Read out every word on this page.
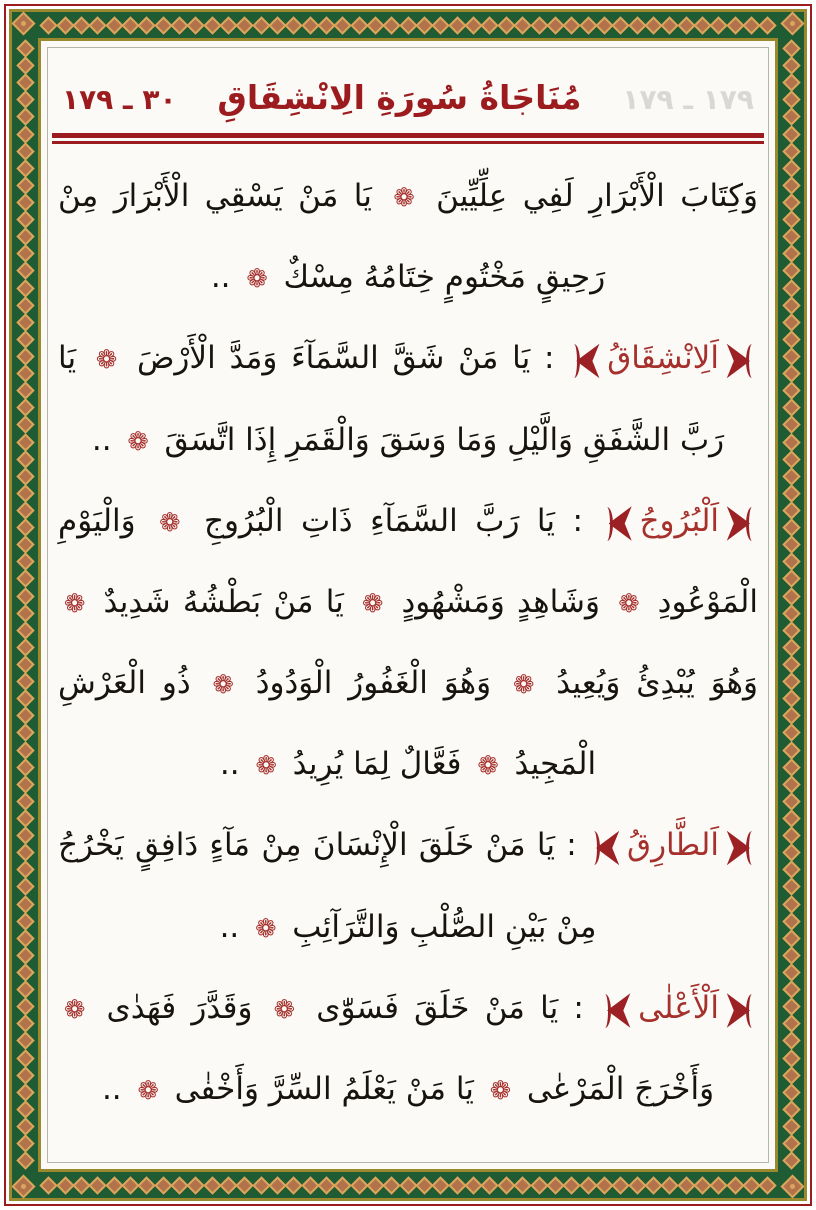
١٧٩ ـ ١٧٩
مُنَاجَاةُ سُورَةِ الِانْشِقَاقِ
٣٠ ـ ١٧٩

وَكِتَابَ الْأَبْرَارِ لَفِي عِلِّيِّينَ ❁ يَا مَنْ يَسْقِي الْأَبْرَارَ مِنْ رَحِيقٍ مَخْتُومٍ خِتَامُهُ مِسْكٌ ❁ ..

اَلِانْشِقَاقُ : يَا مَنْ شَقَّ السَّمَآءَ وَمَدَّ الْأَرْضَ ❁ يَا رَبَّ الشَّفَقِ وَالَّيْلِ وَمَا وَسَقَ وَالْقَمَرِ إِذَا اتَّسَقَ ❁ ..

اَلْبُرُوجُ : يَا رَبَّ السَّمَآءِ ذَاتِ الْبُرُوجِ ❁ وَالْيَوْمِ الْمَوْعُودِ ❁ وَشَاهِدٍ وَمَشْهُودٍ ❁ يَا مَنْ بَطْشُهُ شَدِيدٌ ❁ وَهُوَ يُبْدِئُ وَيُعِيدُ ❁ وَهُوَ الْغَفُورُ الْوَدُودُ ❁ ذُو الْعَرْشِ الْمَجِيدُ ❁ فَعَّالٌ لِمَا يُرِيدُ ❁ ..

اَلطَّارِقُ : يَا مَنْ خَلَقَ الْإِنْسَانَ مِنْ مَآءٍ دَافِقٍ يَخْرُجُ مِنْ بَيْنِ الصُّلْبِ وَالتَّرَآئِبِ ❁ ..

اَلْأَعْلٰى : يَا مَنْ خَلَقَ فَسَوّٰى ❁ وَقَدَّرَ فَهَدٰى ❁ وَأَخْرَجَ الْمَرْعٰى ❁ يَا مَنْ يَعْلَمُ السِّرَّ وَأَخْفٰى ❁ ..
